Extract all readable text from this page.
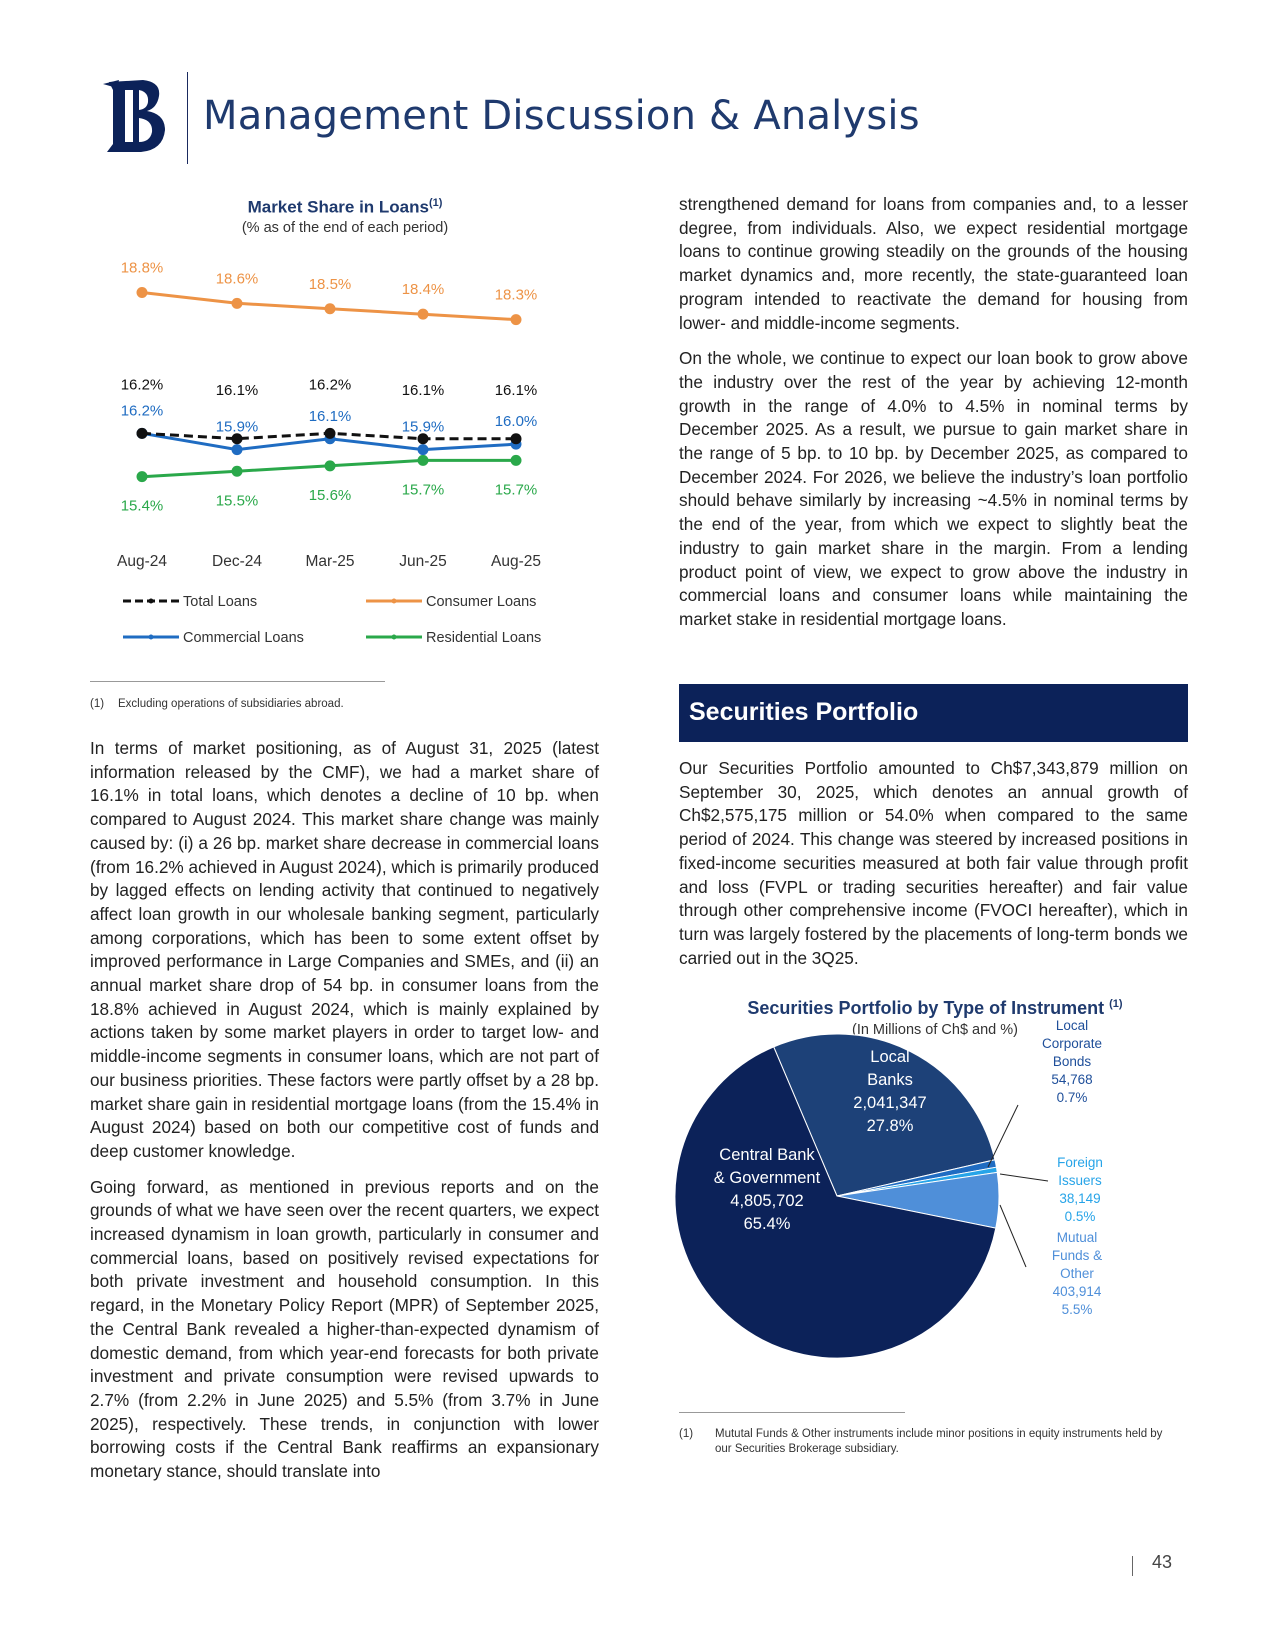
Management Discussion & Analysis
Market Share in Loans$^{(1)}$
(% as of the end of each period)
18.8%
18.6%	18.5%	18.4%	18.3%
16.2%	16.1%	16.2%	16.1%	16.1%
16.2%
15.9%
16.1%
15.9%	16.0%
15.4%	15.5%	15.6%	15.7%	15.7%
Aug-24	Dec-24	Mar-25	Jun-25	Aug-25
Total Loans	Consumer Loans
Commercial Loans	Residential Loans
(1)	Excluding operations of subsidiaries abroad.

In terms of market positioning, as of August 31, 2025 (latest information released by the CMF), we had a market share of 16.1% in total loans, which denotes a decline of 10 bp. when compared to August 2024. This market share change was mainly caused by: (i) a 26 bp. market share decrease in commercial loans (from 16.2% achieved in August 2024), which is primarily produced by lagged effects on lending activity that continued to negatively affect loan growth in our wholesale banking segment, particularly among corporations, which has been to some extent offset by improved performance in Large Companies and SMEs, and (ii) an annual market share drop of 54 bp. in consumer loans from the 18.8% achieved in August 2024, which is mainly explained by actions taken by some market players in order to target low- and middle-income segments in consumer loans, which are not part of our business priorities. These factors were partly offset by a 28 bp. market share gain in residential mortgage loans (from the 15.4% in August 2024) based on both our competitive cost of funds and deep customer knowledge.

Going forward, as mentioned in previous reports and on the grounds of what we have seen over the recent quarters, we expect increased dynamism in loan growth, particularly in consumer and commercial loans, based on positively revised expectations for both private investment and household consumption. In this regard, in the Monetary Policy Report (MPR) of September 2025, the Central Bank revealed a higher-than-expected dynamism of domestic demand, from which year-end forecasts for both private investment and private consumption were revised upwards to 2.7% (from 2.2% in June 2025) and 5.5% (from 3.7% in June 2025), respectively. These trends, in conjunction with lower borrowing costs if the Central Bank reaffirms an expansionary monetary stance, should translate into

strengthened demand for loans from companies and, to a lesser degree, from individuals. Also, we expect residential mortgage loans to continue growing steadily on the grounds of the housing market dynamics and, more recently, the state-guaranteed loan program intended to reactivate the demand for housing from lower- and middle-income segments.

On the whole, we continue to expect our loan book to grow above the industry over the rest of the year by achieving 12-month growth in the range of 4.0% to 4.5% in nominal terms by December 2025. As a result, we pursue to gain market share in the range of 5 bp. to 10 bp. by December 2025, as compared to December 2024. For 2026, we believe the industry’s loan portfolio should behave similarly by increasing ~4.5% in nominal terms by the end of the year, from which we expect to slightly beat the industry to gain market share in the margin. From a lending product point of view, we expect to grow above the industry in commercial loans and consumer loans while maintaining the market stake in residential mortgage loans.

Securities Portfolio

Our Securities Portfolio amounted to Ch$7,343,879 million on September 30, 2025, which denotes an annual growth of Ch$2,575,175 million or 54.0% when compared to the same period of 2024. This change was steered by increased positions in fixed-income securities measured at both fair value through profit and loss (FVPL or trading securities hereafter) and fair value through other comprehensive income (FVOCI hereafter), which in turn was largely fostered by the placements of long-term bonds we carried out in the 3Q25.

Securities Portfolio by Type of Instrument $^{(1)}$
(In Millions of Ch$ and %)
Central Bank
& Government
4,805,702
65.4%
Local
Banks
2,041,347
27.8%
Local
Corporate
Bonds
54,768
0.7%
Foreign
Issuers
38,149
0.5%
Mutual
Funds &
Other
403,914
5.5%
(1)	Mututal Funds & Other instruments include minor positions in equity instruments held by our Securities Brokerage subsidiary.
43
